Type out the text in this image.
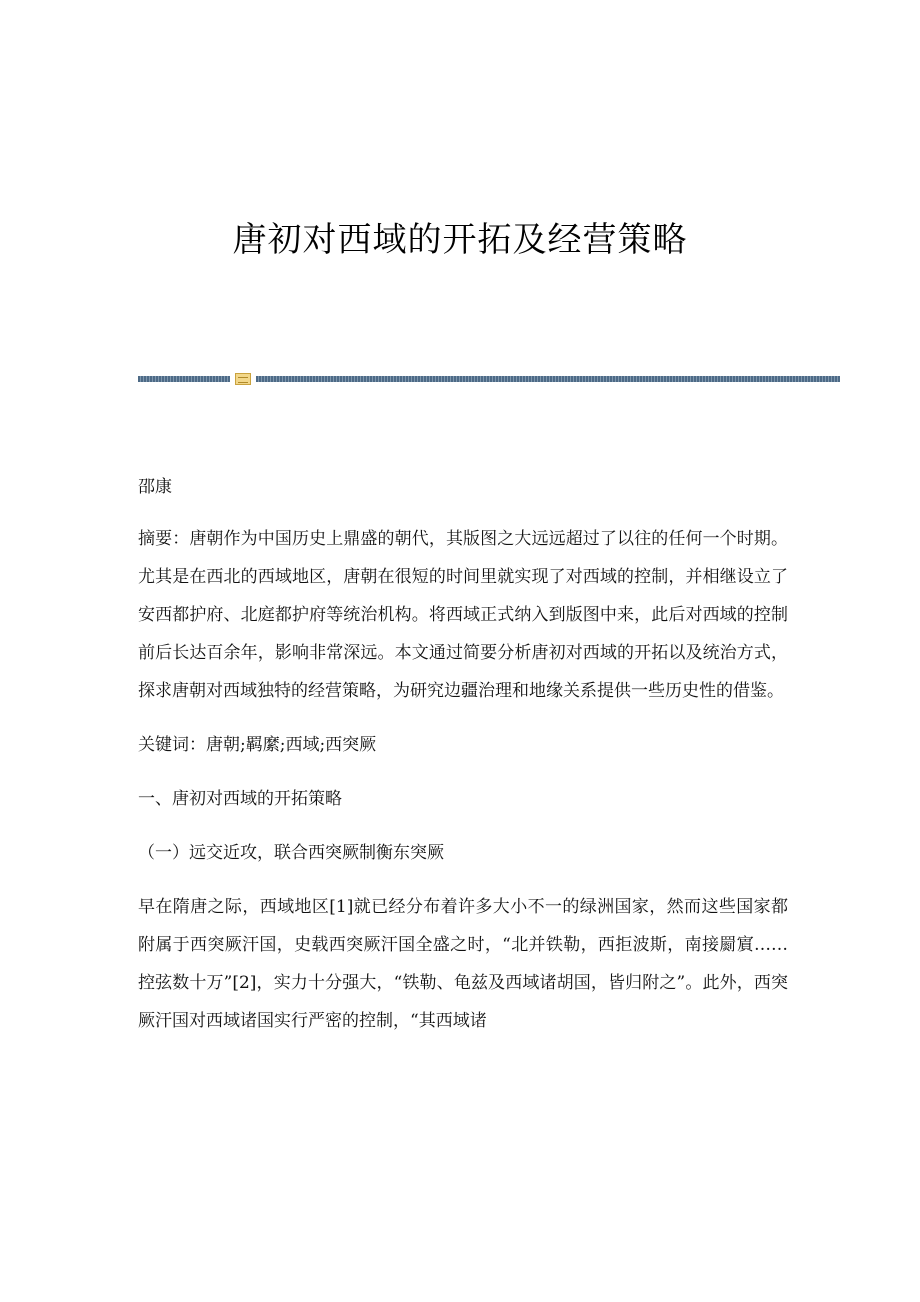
唐初对西域的开拓及经营策略

邵康

摘要：唐朝作为中国历史上鼎盛的朝代，其版图之大远远超过了以往的任何一个时期。尤其是在西北的西域地区，唐朝在很短的时间里就实现了对西域的控制，并相继设立了安西都护府、北庭都护府等统治机构。将西域正式纳入到版图中来，此后对西域的控制前后长达百余年，影响非常深远。本文通过简要分析唐初对西域的开拓以及统治方式，探求唐朝对西域独特的经营策略，为研究边疆治理和地缘关系提供一些历史性的借鉴。

关键词：唐朝;羁縻;西域;西突厥

一、唐初对西域的开拓策略

（一）远交近攻，联合西突厥制衡东突厥

早在隋唐之际，西域地区[1]就已经分布着许多大小不一的绿洲国家，然而这些国家都附属于西突厥汗国，史载西突厥汗国全盛之时，“北并铁勒，西拒波斯，南接罽賔……控弦数十万”[2]，实力十分强大，“铁勒、龟兹及西域诸胡国，皆归附之”。此外，西突厥汗国对西域诸国实行严密的控制，“其西域诸
